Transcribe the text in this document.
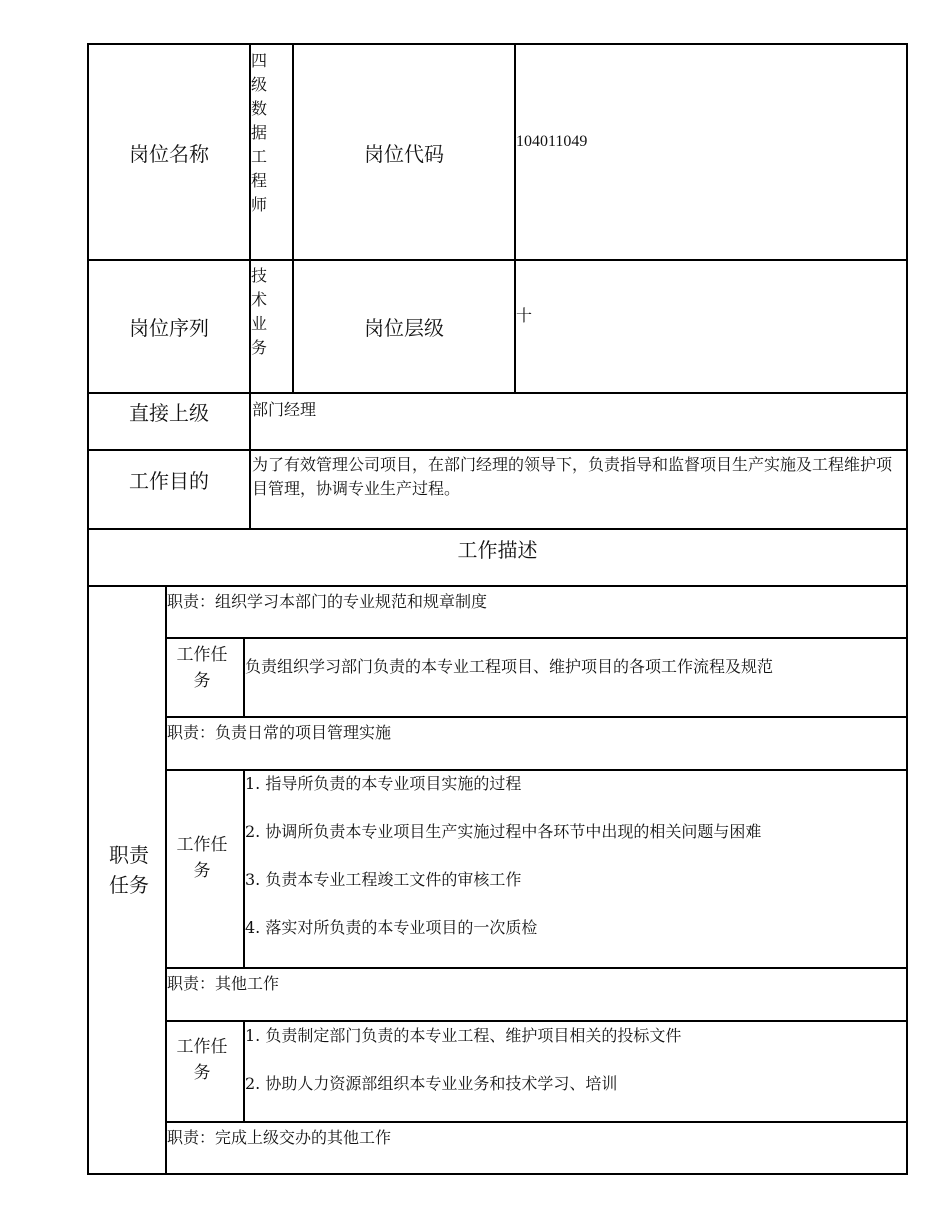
岗位名称
四级数据工程师
岗位代码	104011049
岗位序列
技术业务
岗位层级
十
直接上级	部门经理
工作目的
为了有效管理公司项目，在部门经理的领导下，负责指导和监督项目生产实施及工程维护项目管理，协调专业生产过程。
工作描述
职责任务
职责：组织学习本部门的专业规范和规章制度
工作任务
负责组织学习部门负责的本专业工程项目、维护项目的各项工作流程及规范
职责：负责日常的项目管理实施
工作任务
1. 指导所负责的本专业项目实施的过程
2. 协调所负责本专业项目生产实施过程中各环节中出现的相关问题与困难
3. 负责本专业工程竣工文件的审核工作
4. 落实对所负责的本专业项目的一次质检
职责：其他工作
工作任务
1. 负责制定部门负责的本专业工程、维护项目相关的投标文件
2. 协助人力资源部组织本专业业务和技术学习、培训
职责：完成上级交办的其他工作
